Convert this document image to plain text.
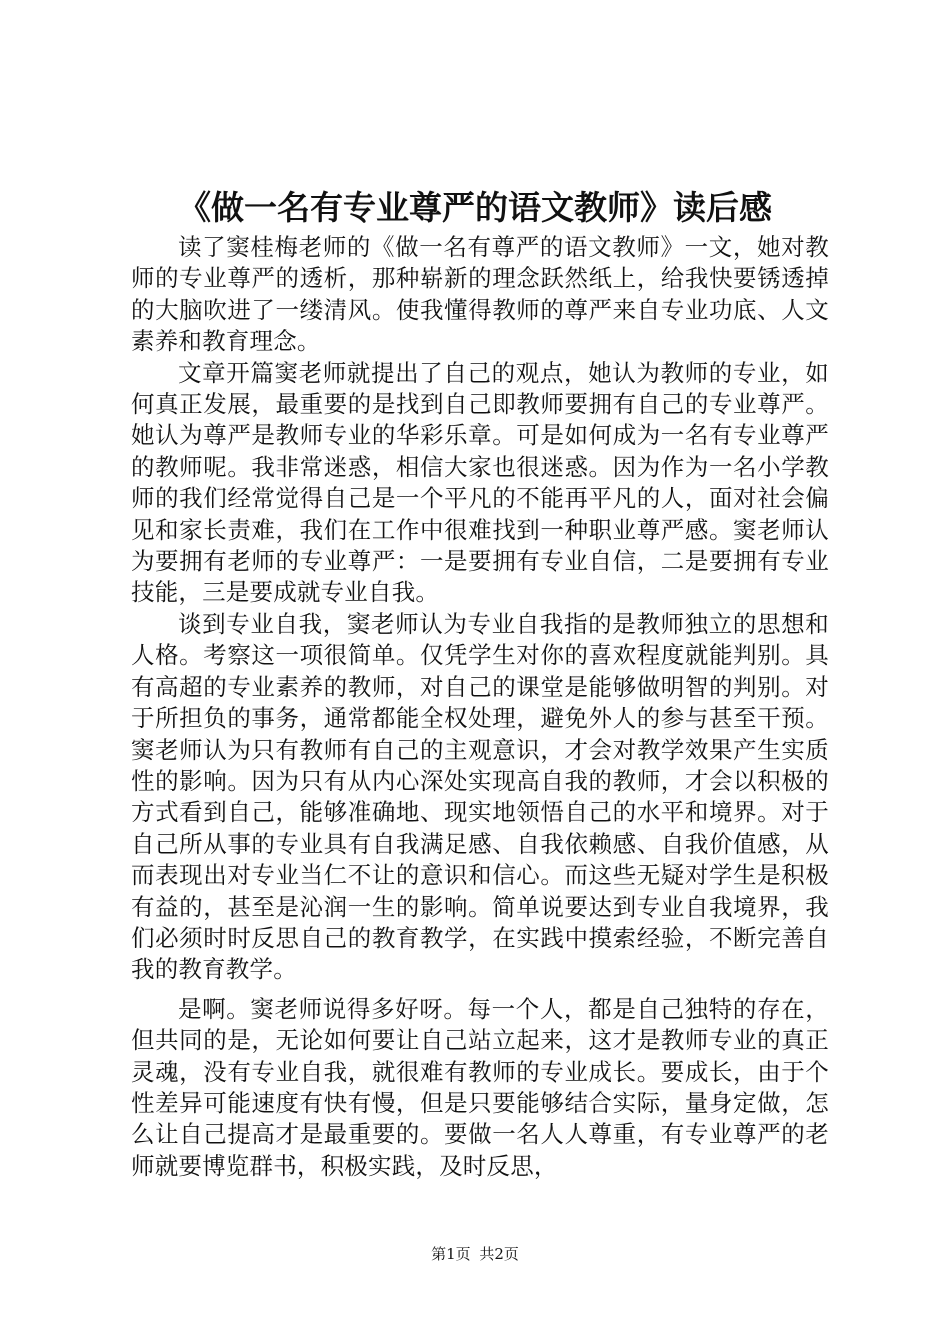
《做一名有专业尊严的语文教师》读后感

读了窦桂梅老师的《做一名有尊严的语文教师》一文，她对教师的专业尊严的透析，那种崭新的理念跃然纸上，给我快要锈透掉的大脑吹进了一缕清风。使我懂得教师的尊严来自专业功底、人文素养和教育理念。

文章开篇窦老师就提出了自己的观点，她认为教师的专业，如何真正发展，最重要的是找到自己即教师要拥有自己的专业尊严。她认为尊严是教师专业的华彩乐章。可是如何成为一名有专业尊严的教师呢。我非常迷惑，相信大家也很迷惑。因为作为一名小学教师的我们经常觉得自己是一个平凡的不能再平凡的人，面对社会偏见和家长责难，我们在工作中很难找到一种职业尊严感。窦老师认为要拥有老师的专业尊严：一是要拥有专业自信，二是要拥有专业技能，三是要成就专业自我。

谈到专业自我，窦老师认为专业自我指的是教师独立的思想和人格。考察这一项很简单。仅凭学生对你的喜欢程度就能判别。具有高超的专业素养的教师，对自己的课堂是能够做明智的判别。对于所担负的事务，通常都能全权处理，避免外人的参与甚至干预。窦老师认为只有教师有自己的主观意识，才会对教学效果产生实质性的影响。因为只有从内心深处实现高自我的教师，才会以积极的方式看到自己，能够准确地、现实地领悟自己的水平和境界。对于自己所从事的专业具有自我满足感、自我依赖感、自我价值感，从而表现出对专业当仁不让的意识和信心。而这些无疑对学生是积极有益的，甚至是沁润一生的影响。简单说要达到专业自我境界，我们必须时时反思自己的教育教学，在实践中摸索经验，不断完善自我的教育教学。

是啊。窦老师说得多好呀。每一个人，都是自己独特的存在，但共同的是，无论如何要让自己站立起来，这才是教师专业的真正灵魂，没有专业自我，就很难有教师的专业成长。要成长，由于个性差异可能速度有快有慢，但是只要能够结合实际，量身定做，怎么让自己提高才是最重要的。要做一名人人尊重，有专业尊严的老师就要博览群书，积极实践，及时反思，

第1页 共2页
